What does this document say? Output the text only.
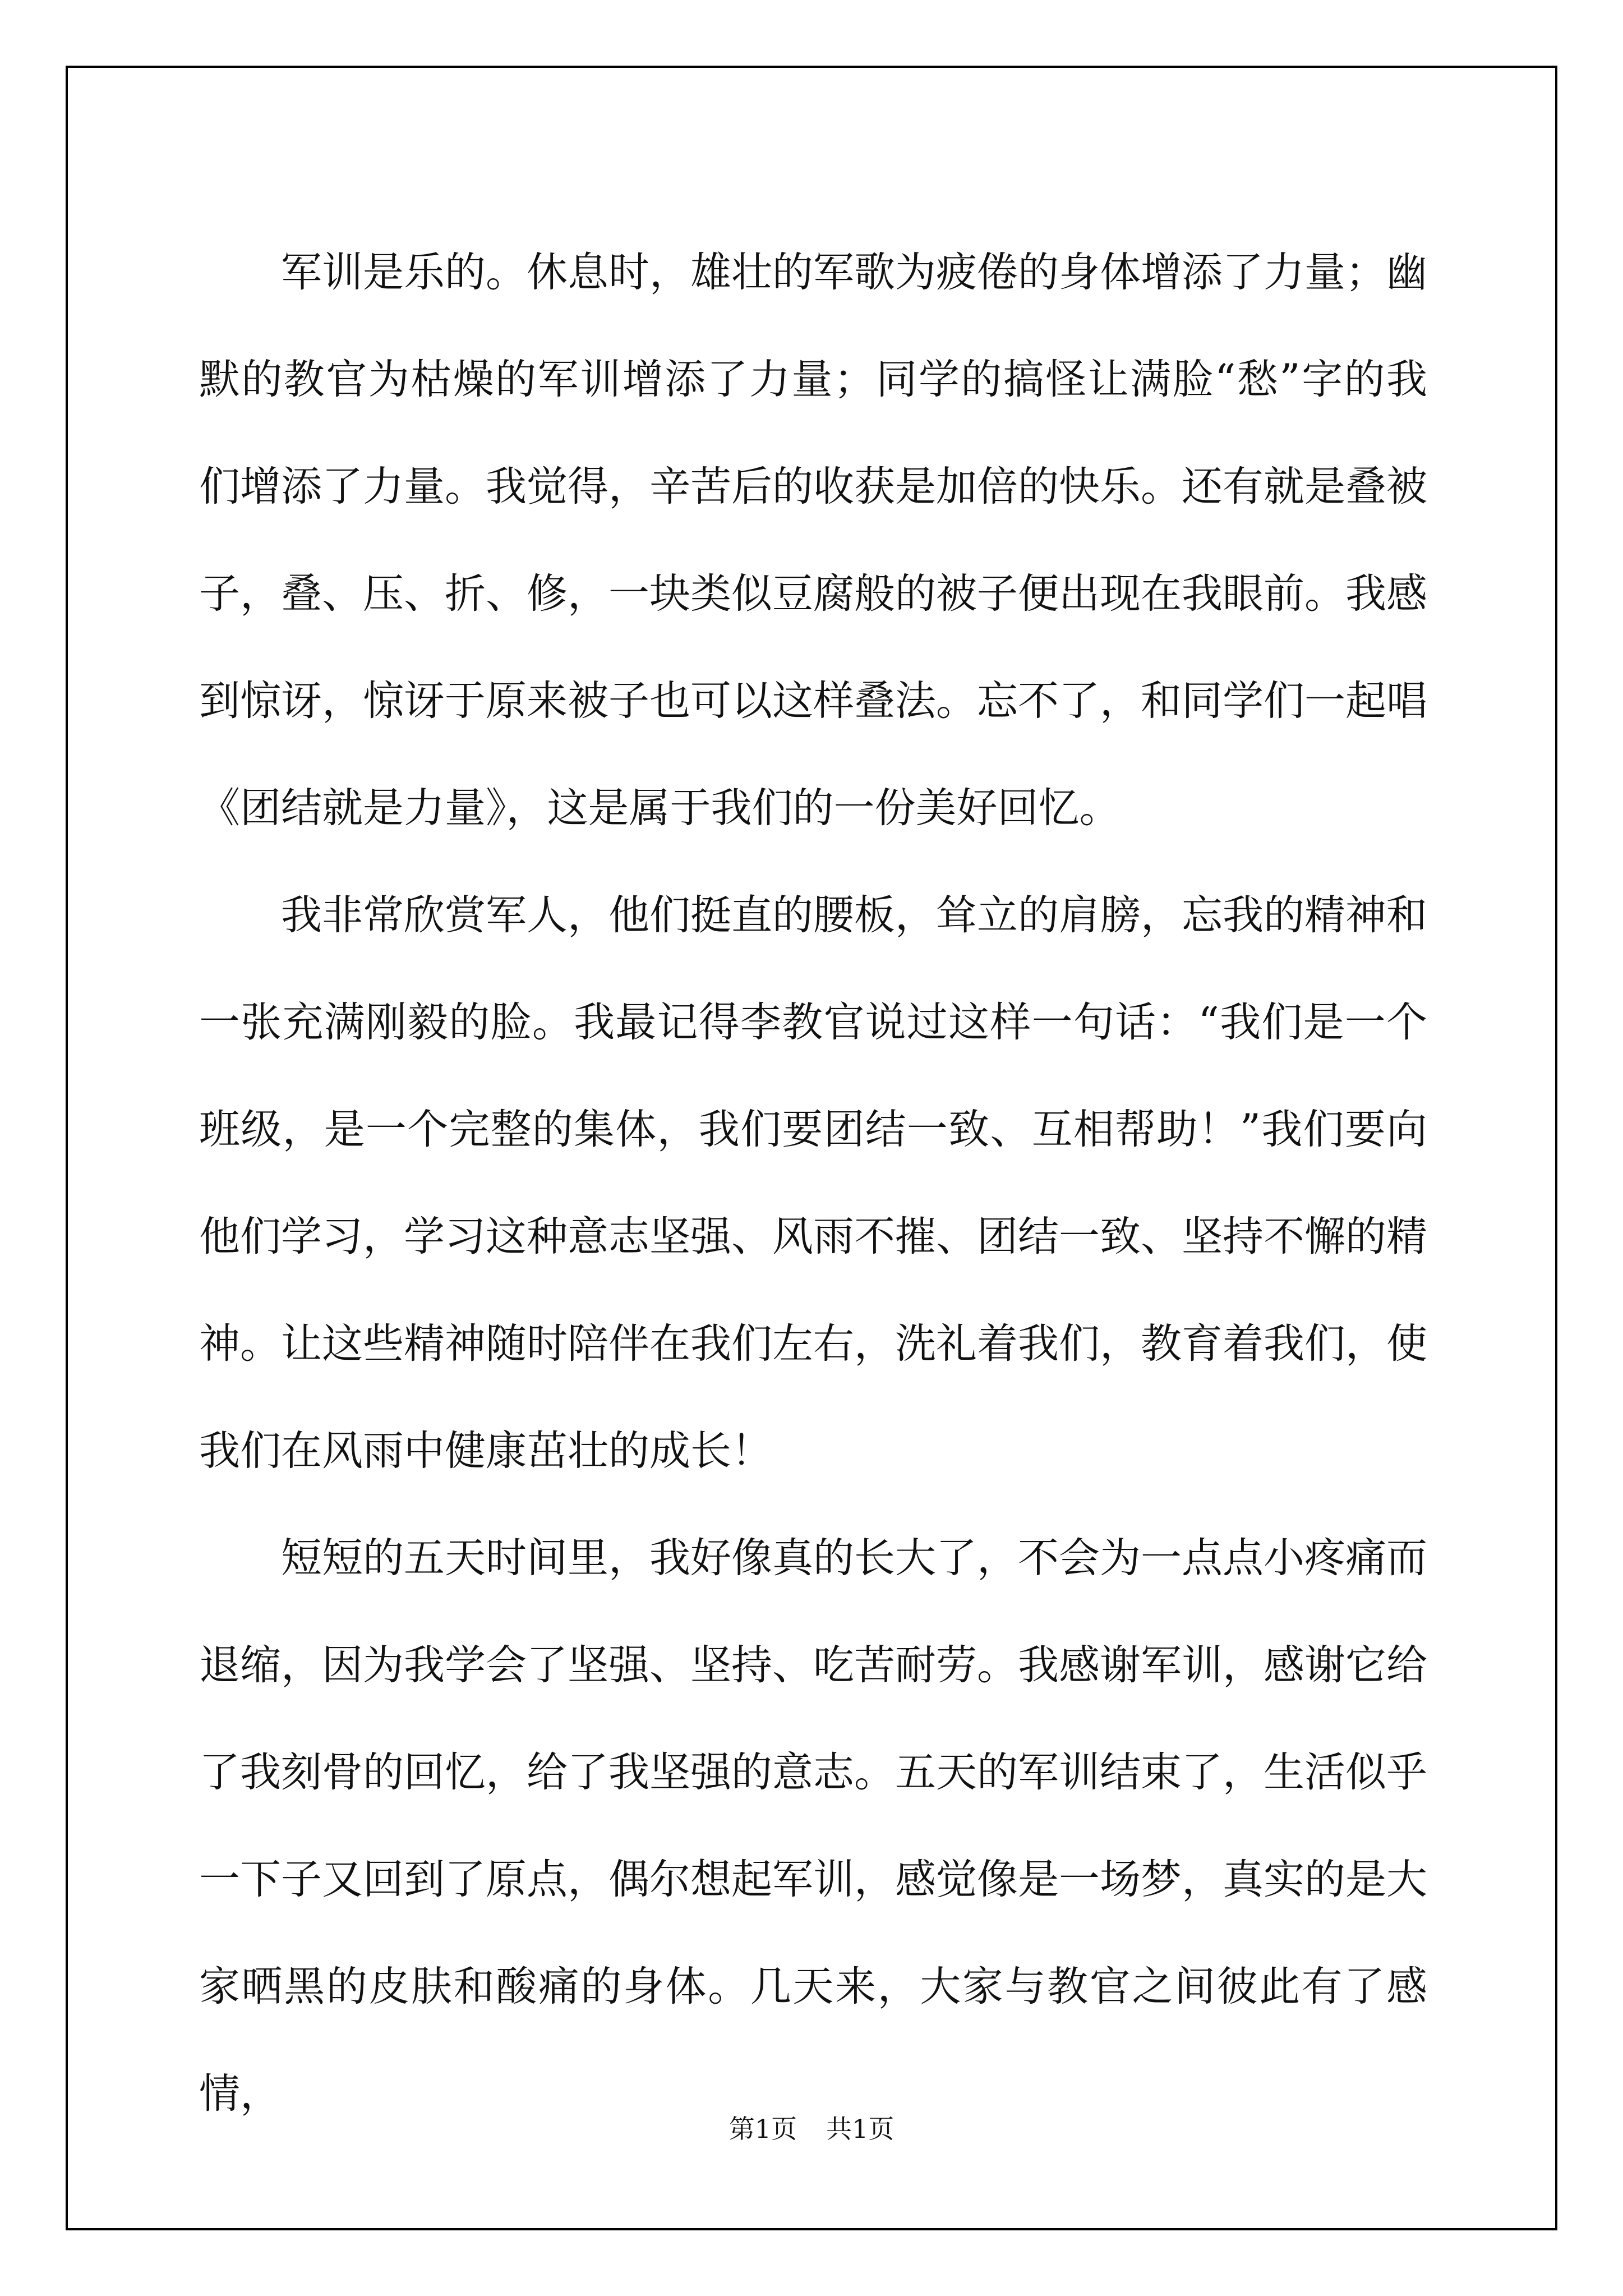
军训是乐的。休息时，雄壮的军歌为疲倦的身体增添了力量；幽默的教官为枯燥的军训增添了力量；同学的搞怪让满脸“愁”字的我们增添了力量。我觉得，辛苦后的收获是加倍的快乐。还有就是叠被子，叠、压、折、修，一块类似豆腐般的被子便出现在我眼前。我感到惊讶，惊讶于原来被子也可以这样叠法。忘不了，和同学们一起唱《团结就是力量》，这是属于我们的一份美好回忆。

我非常欣赏军人，他们挺直的腰板，耸立的肩膀，忘我的精神和一张充满刚毅的脸。我最记得李教官说过这样一句话：“我们是一个班级，是一个完整的集体，我们要团结一致、互相帮助！”我们要向他们学习，学习这种意志坚强、风雨不摧、团结一致、坚持不懈的精神。让这些精神随时陪伴在我们左右，洗礼着我们，教育着我们，使我们在风雨中健康茁壮的成长！

短短的五天时间里，我好像真的长大了，不会为一点点小疼痛而退缩，因为我学会了坚强、坚持、吃苦耐劳。我感谢军训，感谢它给了我刻骨的回忆，给了我坚强的意志。五天的军训结束了，生活似乎一下子又回到了原点，偶尔想起军训，感觉像是一场梦，真实的是大家晒黑的皮肤和酸痛的身体。几天来，大家与教官之间彼此有了感情，

第1页 共1页
